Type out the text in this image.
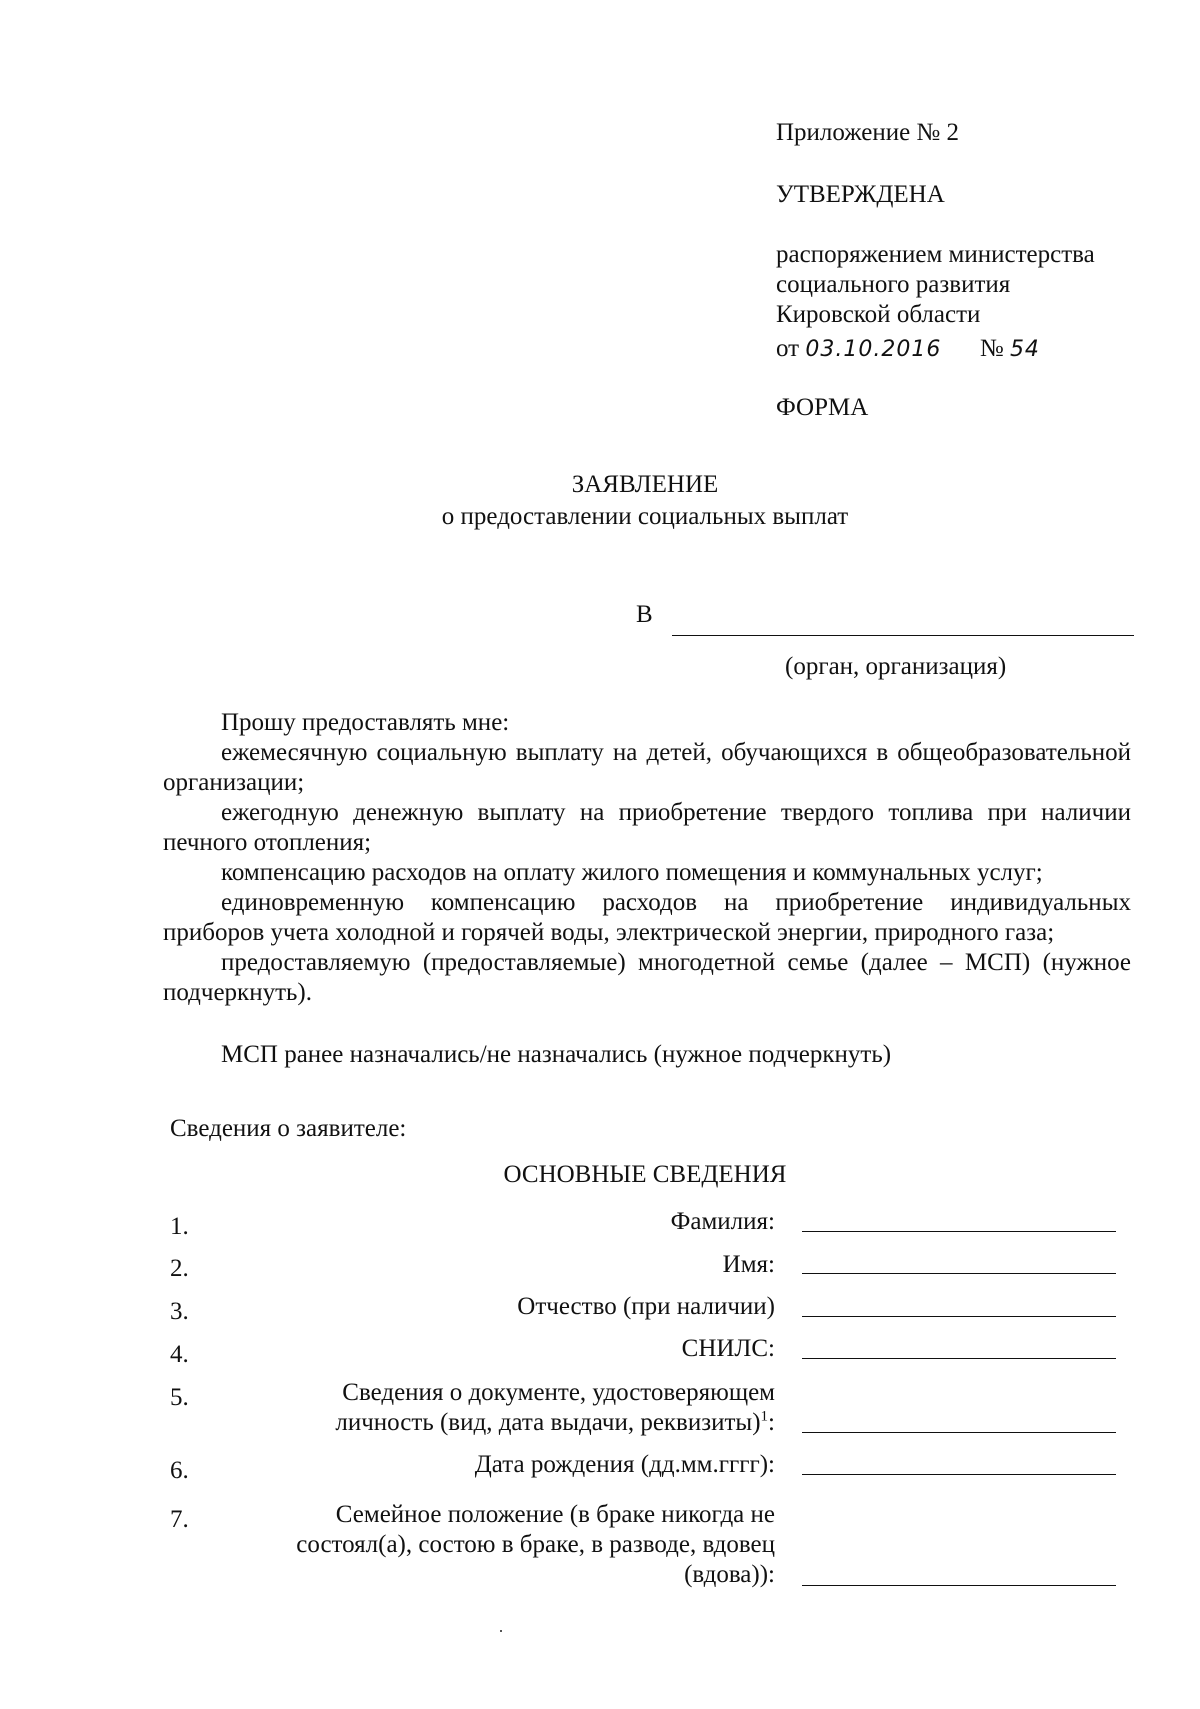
Приложение № 2
УТВЕРЖДЕНА
распоряжением министерства
социального развития
Кировской области
от 03.10.2016 № 54
ФОРМА
ЗАЯВЛЕНИЕ
о предоставлении социальных выплат
В
(орган, организация)
Прошу предоставлять мне:
ежемесячную социальную выплату на детей, обучающихся в общеобразовательной организации;
ежегодную денежную выплату на приобретение твердого топлива при наличии печного отопления;
компенсацию расходов на оплату жилого помещения и коммунальных услуг;
единовременную компенсацию расходов на приобретение индивидуальных приборов учета холодной и горячей воды, электрической энергии, природного газа;
предоставляемую (предоставляемые) многодетной семье (далее – МСП) (нужное подчеркнуть).
МСП ранее назначались/не назначались (нужное подчеркнуть)
Сведения о заявителе:
ОСНОВНЫЕ СВЕДЕНИЯ
1.	Фамилия:
2.	Имя:
3.	Отчество (при наличии)
4.	СНИЛС:
5.	Сведения о документе, удостоверяющем
личность (вид, дата выдачи, реквизиты)$^1$:
6.	Дата рождения (дд.мм.гггг):
7.	Семейное положение (в браке никогда не
состоял(а), состою в браке, в разводе, вдовец
(вдова)):
